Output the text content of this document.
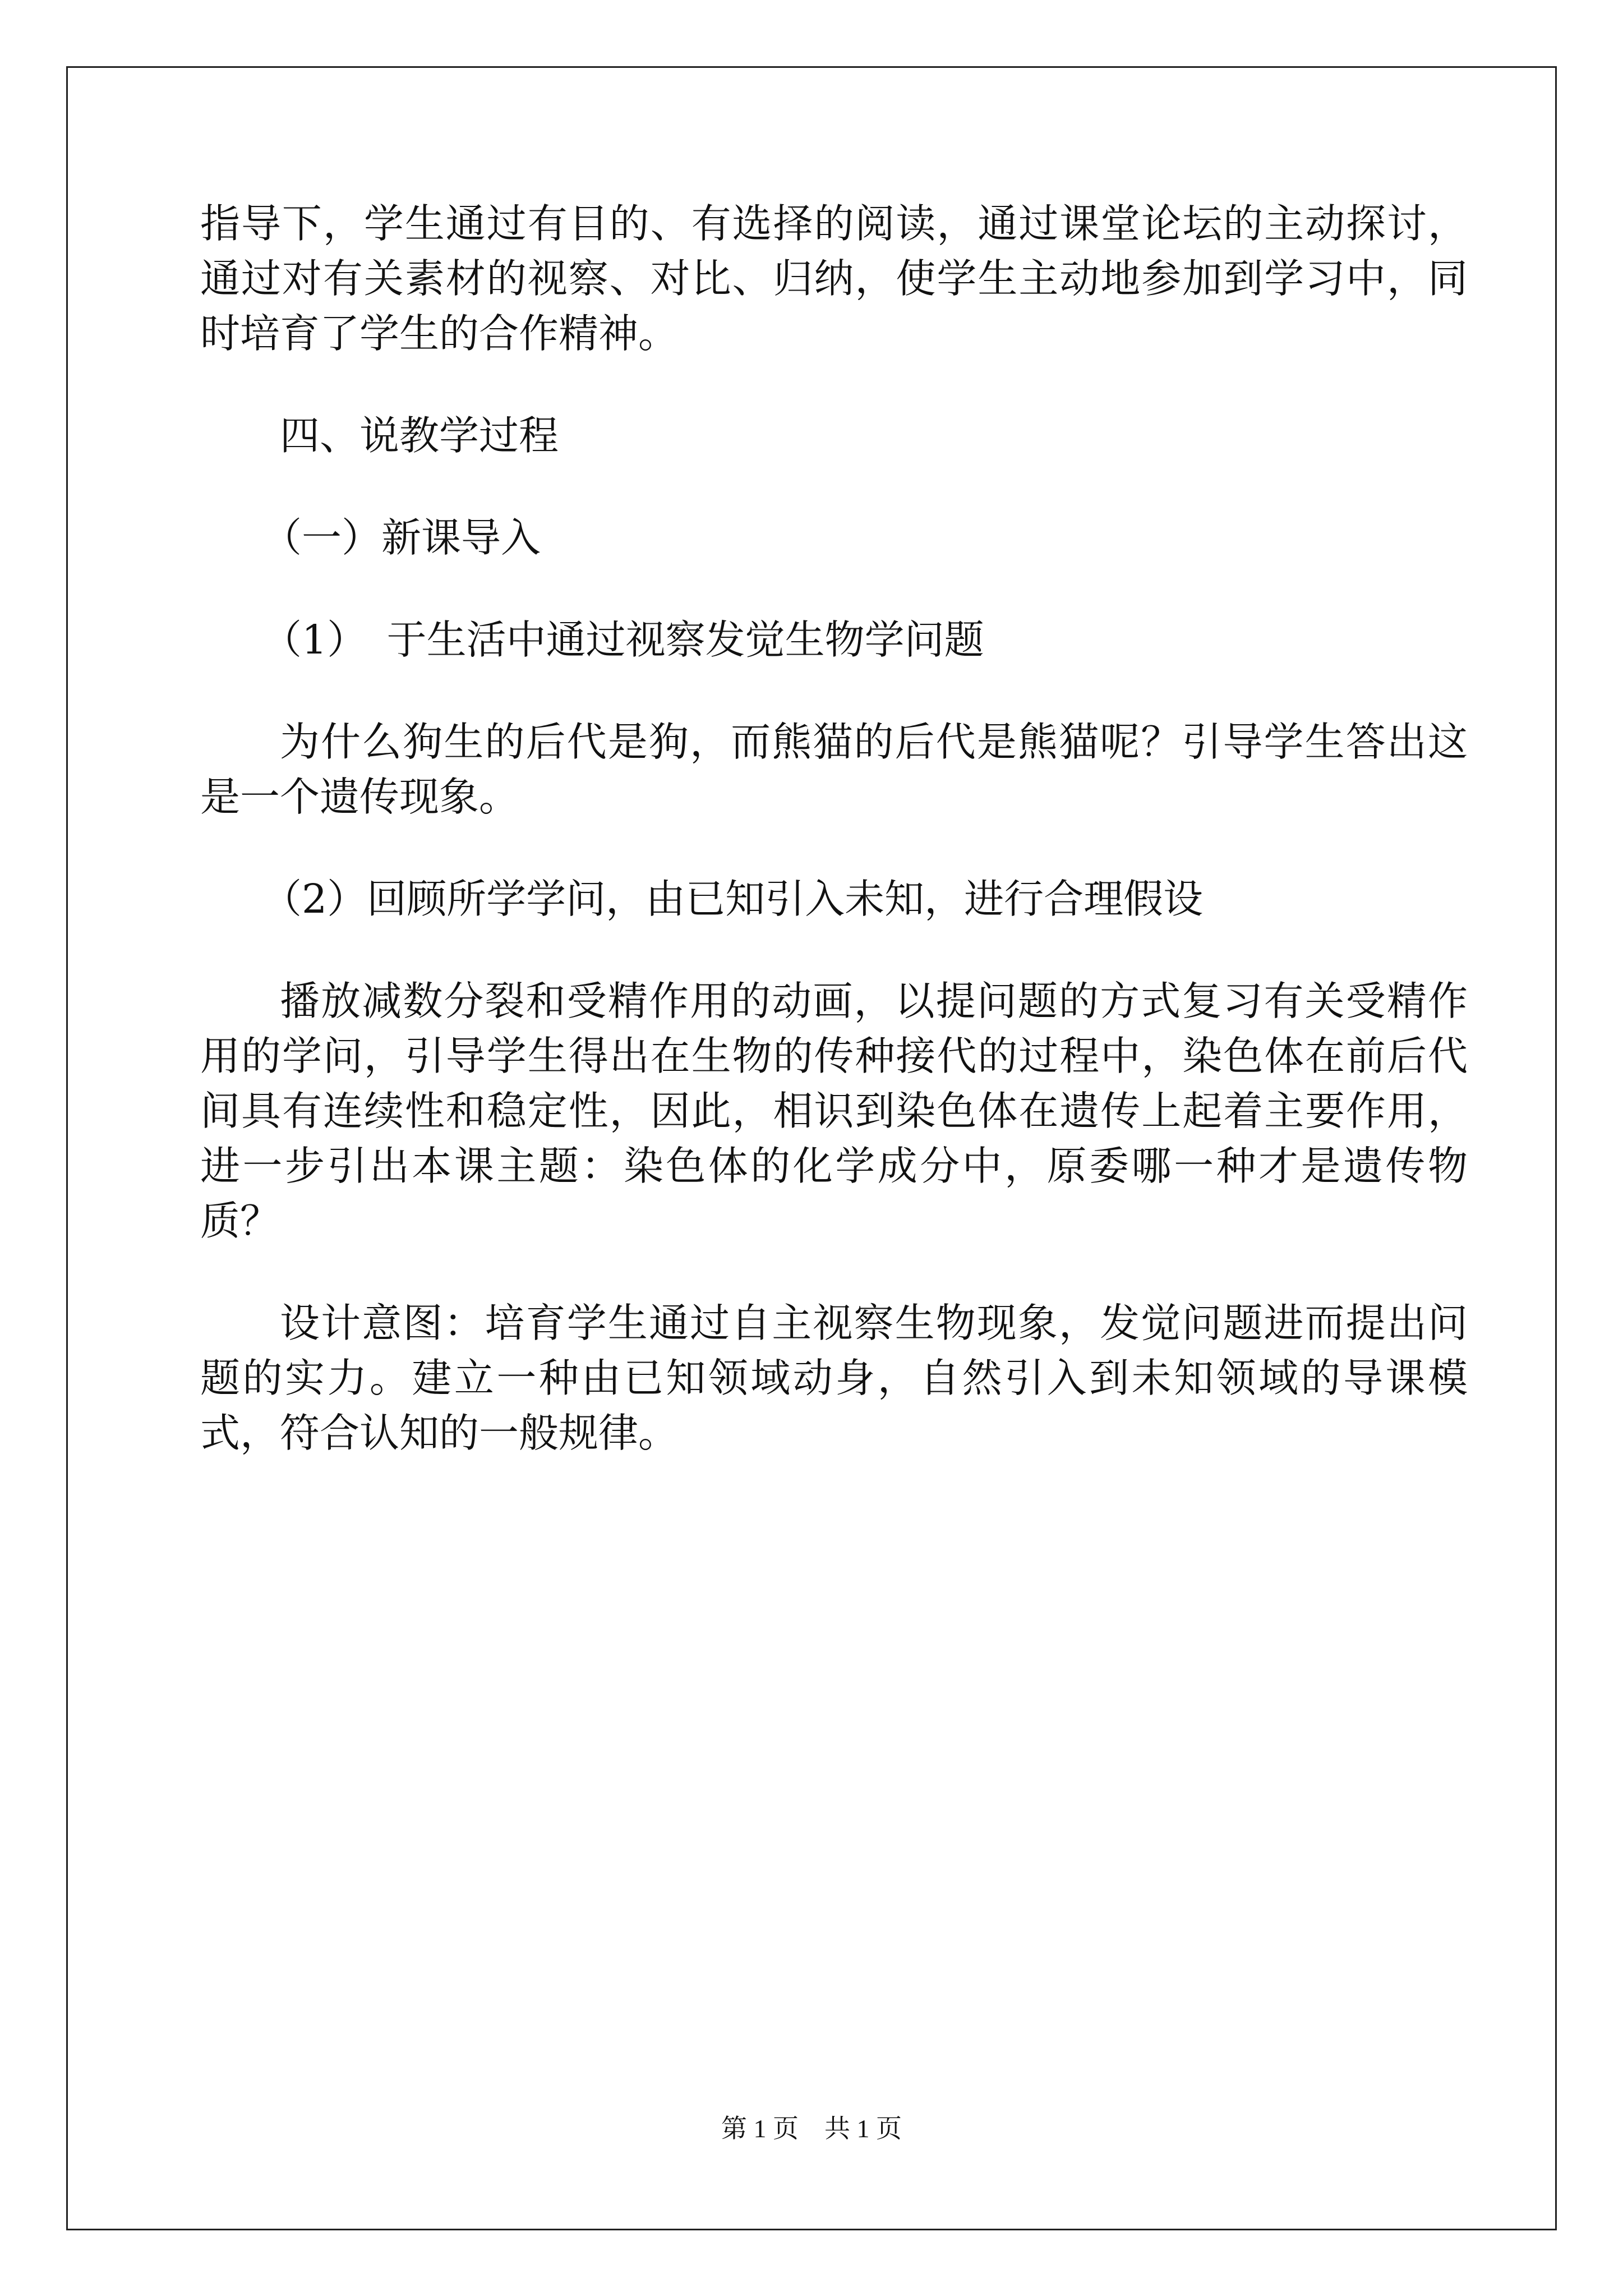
指导下，学生通过有目的、有选择的阅读，通过课堂论坛的主动探讨，通过对有关素材的视察、对比、归纳，使学生主动地参加到学习中，同时培育了学生的合作精神。

四、说教学过程

（一）新课导入

（1）　于生活中通过视察发觉生物学问题

为什么狗生的后代是狗，而熊猫的后代是熊猫呢？引导学生答出这是一个遗传现象。

（2）回顾所学学问，由已知引入未知，进行合理假设

播放减数分裂和受精作用的动画，以提问题的方式复习有关受精作用的学问，引导学生得出在生物的传种接代的过程中，染色体在前后代间具有连续性和稳定性，因此，相识到染色体在遗传上起着主要作用，进一步引出本课主题：染色体的化学成分中，原委哪一种才是遗传物质？

设计意图：培育学生通过自主视察生物现象，发觉问题进而提出问题的实力。建立一种由已知领域动身，自然引入到未知领域的导课模式，符合认知的一般规律。

第 1 页　共 1 页
